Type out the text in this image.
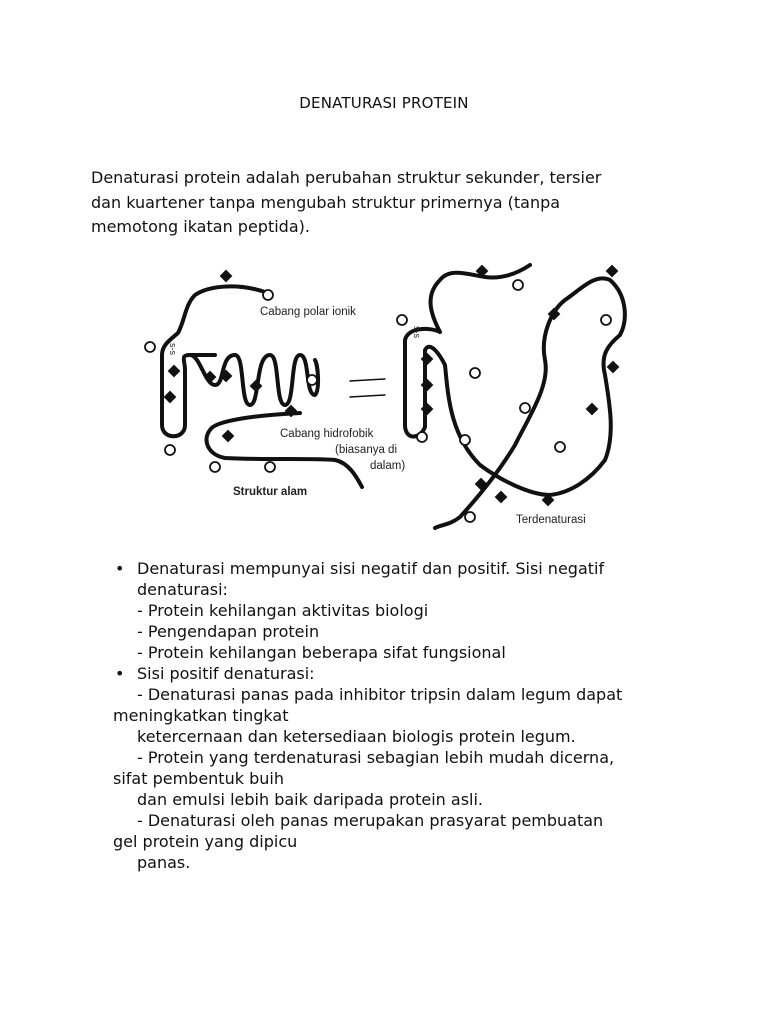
DENATURASI PROTEIN
Denaturasi protein adalah perubahan struktur sekunder, tersier
dan kuartener tanpa mengubah struktur primernya (tanpa
memotong ikatan peptida).
Cabang polar ionik
Cabang hidrofobik
(biasanya di
dalam)
Struktur alam
Terdenaturasi
s-s
s-s
• Denaturasi mempunyai sisi negatif dan positif. Sisi negatif
denaturasi:
- Protein kehilangan aktivitas biologi
- Pengendapan protein
- Protein kehilangan beberapa sifat fungsional
• Sisi positif denaturasi:
- Denaturasi panas pada inhibitor tripsin dalam legum dapat
meningkatkan tingkat
ketercernaan dan ketersediaan biologis protein legum.
- Protein yang terdenaturasi sebagian lebih mudah dicerna,
sifat pembentuk buih
dan emulsi lebih baik daripada protein asli.
- Denaturasi oleh panas merupakan prasyarat pembuatan
gel protein yang dipicu
panas.
